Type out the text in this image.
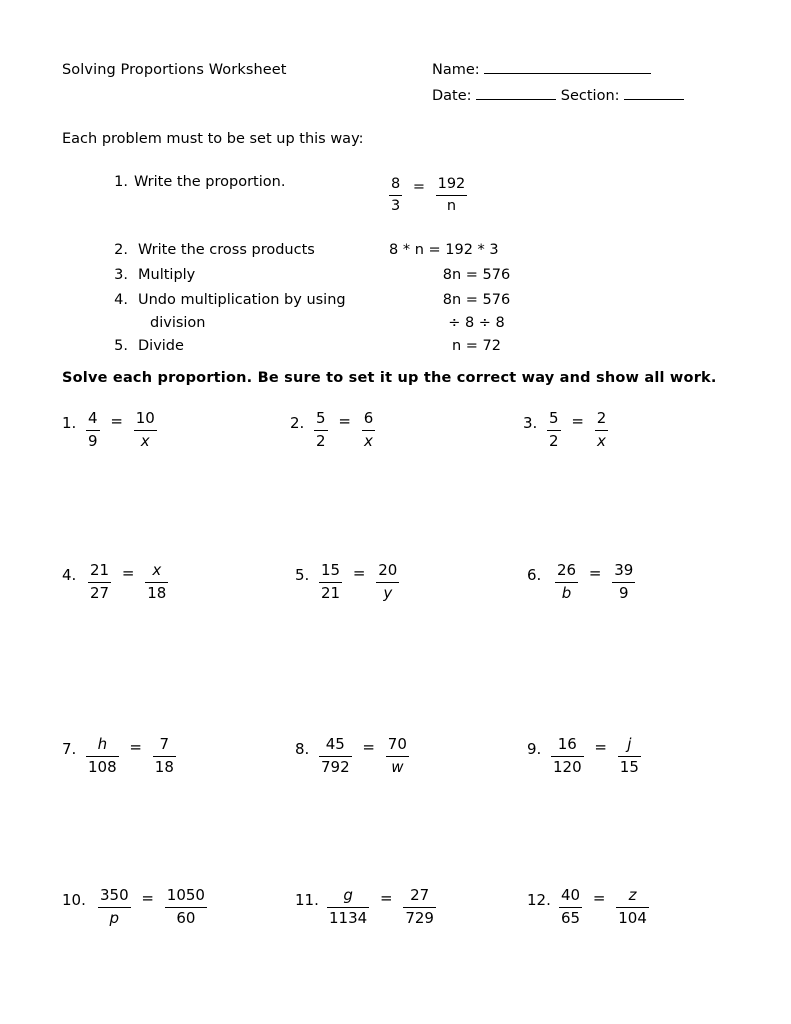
Solving Proportions Worksheet	Name:
Date:	Section:
Each problem must to be set up this way:
1. Write the proportion.	$\frac{8}{3} = \frac{192}{n}$
2. Write the cross products	8 * n = 192 * 3
3. Multiply	8n = 576
4. Undo multiplication by using	8n = 576
division	÷ 8 ÷ 8
5. Divide	n = 72
Solve each proportion. Be sure to set it up the correct way and show all work.
1. $\frac{4}{9} = \frac{10}{x}$	2. $\frac{5}{2} = \frac{6}{x}$	3. $\frac{5}{2} = \frac{2}{x}$
4. $\frac{21}{27} = \frac{x}{18}$	5. $\frac{15}{21} = \frac{20}{y}$	6. $\frac{26}{b} = \frac{39}{9}$
7. $\frac{h}{108} = \frac{7}{18}$	8. $\frac{45}{792} = \frac{70}{w}$	9. $\frac{16}{120} = \frac{j}{15}$
10. $\frac{350}{p} = \frac{1050}{60}$	11. $\frac{g}{1134} = \frac{27}{729}$	12. $\frac{40}{65} = \frac{z}{104}$
